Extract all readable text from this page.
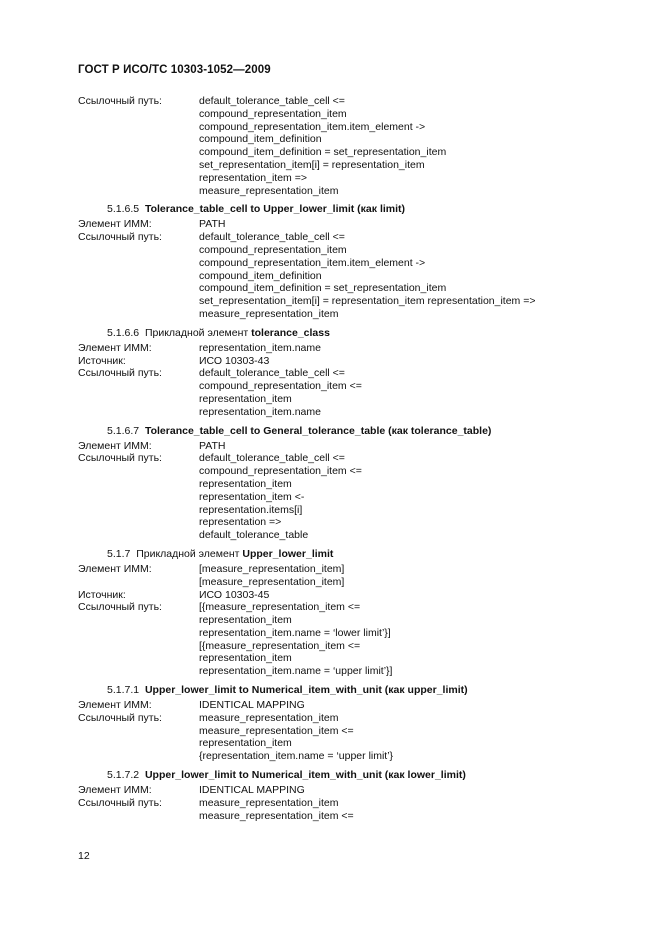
ГОСТ Р ИСО/ТС 10303-1052—2009
Ссылочный путь:	default_tolerance_table_cell <=
compound_representation_item
compound_representation_item.item_element ->
compound_item_definition
compound_item_definition = set_representation_item
set_representation_item[i] = representation_item
representation_item =>
measure_representation_item
5.1.6.5 Tolerance_table_cell to Upper_lower_limit (как limit)
Элемент ИММ:	PATH
Ссылочный путь:	default_tolerance_table_cell <=
compound_representation_item
compound_representation_item.item_element ->
compound_item_definition
compound_item_definition = set_representation_item
set_representation_item[i] = representation_item representation_item =>
measure_representation_item
5.1.6.6 Прикладной элемент tolerance_class
Элемент ИММ:	representation_item.name
Источник:	ИСО 10303-43
Ссылочный путь:	default_tolerance_table_cell <=
compound_representation_item <=
representation_item
representation_item.name
5.1.6.7 Tolerance_table_cell to General_tolerance_table (как tolerance_table)
Элемент ИММ:	PATH
Ссылочный путь:	default_tolerance_table_cell <=
compound_representation_item <=
representation_item
representation_item <-
representation.items[i]
representation =>
default_tolerance_table
5.1.7 Прикладной элемент Upper_lower_limit
Элемент ИММ:	[measure_representation_item]
[measure_representation_item]
Источник:	ИСО 10303-45
Ссылочный путь:	[{measure_representation_item <=
representation_item
representation_item.name = ‘lower limit’}]
[{measure_representation_item <=
representation_item
representation_item.name = ‘upper limit’}]
5.1.7.1 Upper_lower_limit to Numerical_item_with_unit (как upper_limit)
Элемент ИММ:	IDENTICAL MAPPING
Ссылочный путь:	measure_representation_item
measure_representation_item <=
representation_item
{representation_item.name = ‘upper limit’}
5.1.7.2 Upper_lower_limit to Numerical_item_with_unit (как lower_limit)
Элемент ИММ:	IDENTICAL MAPPING
Ссылочный путь:	measure_representation_item
measure_representation_item <=
12
